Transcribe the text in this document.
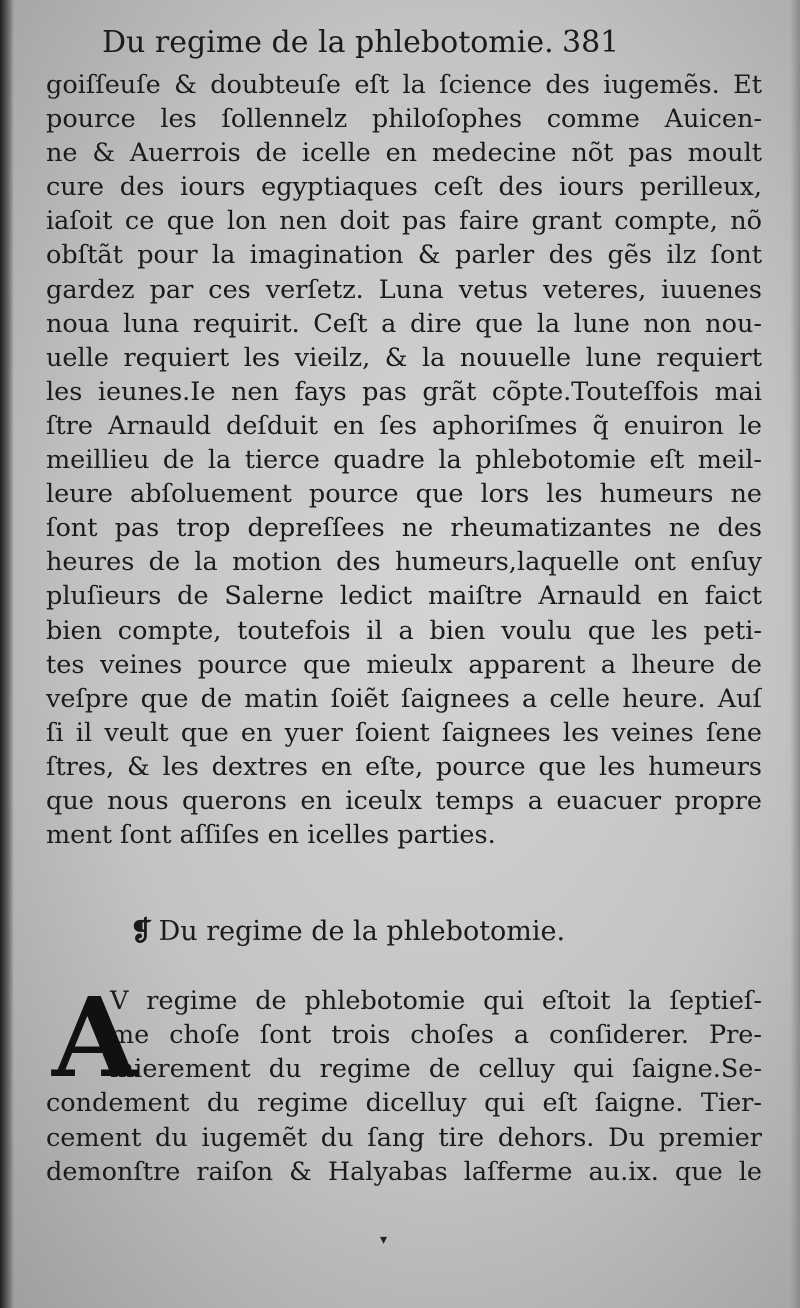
Du regime de la phlebotomie. 381
goiſſeuſe & doubteuſe eſt la ſcience des iugemẽs. Et
pource les ſollennelz philoſophes comme Auicen-
ne & Auerrois de icelle en medecine nõt pas moult
cure des iours egyptiaques ceſt des iours perilleux,
iaſoit ce que lon nen doit pas faire grant compte, nõ
obſtãt pour la imagination & parler des gẽs ilz ſont
gardez par ces verſetz. Luna vetus veteres, iuuenes
noua luna requirit. Ceſt a dire que la lune non nou-
uelle requiert les vieilz, & la nouuelle lune requiert
les ieunes.Ie nen fays pas grãt cõpte.Touteſfois mai
ſtre Arnauld deſduit en ſes aphoriſmes q̃ enuiron le
meillieu de la tierce quadre la phlebotomie eſt meil-
leure abſoluement pource que lors les humeurs ne
ſont pas trop depreſſees ne rheumatizantes ne des
heures de la motion des humeurs,laquelle ont enſuy
pluſieurs de Salerne ledict maiſtre Arnauld en faict
bien compte, toutefois il a bien voulu que les peti-
tes veines pource que mieulx apparent a lheure de
veſpre que de matin ſoiẽt ſaignees a celle heure. Auſ
ſi il veult que en yuer ſoient ſaignees les veines ſene
ſtres, & les dextres en eſte, pource que les humeurs
que nous querons en iceulx temps a euacuer propre
ment ſont aſſiſes en icelles parties.
❡ Du regime de la phlebotomie.
A
V regime de phlebotomie qui eſtoit la ſeptieſ-
me choſe ſont trois choſes a conſiderer. Pre-
mierement du regime de celluy qui ſaigne.Se-
condement du regime dicelluy qui eſt ſaigne. Tier-
cement du iugemẽt du ſang tire dehors. Du premier
demonſtre raiſon & Halyabas laſferme au.ix. que le
▾
